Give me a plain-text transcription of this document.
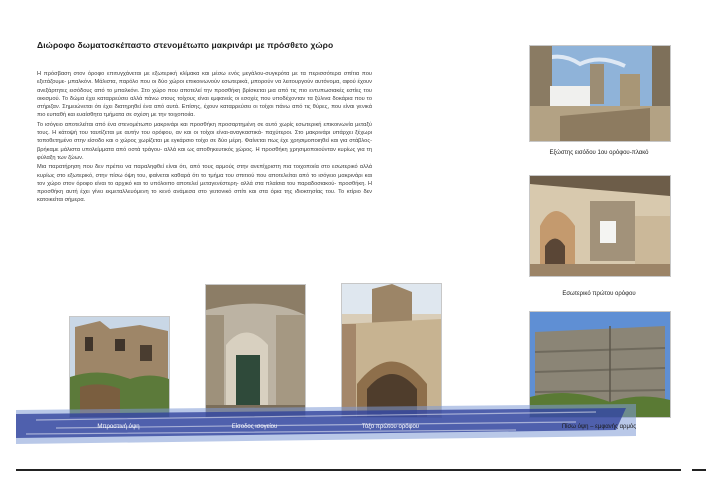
Διώροφο δωματοσκέπαστο στενομέτωπο μακρινάρι με πρόσθετο χώρο

Η πρόσβαση στον όροφο επιτυγχάνεται με εξωτερική κλίμακα και μέσω ενός μεγάλου-συγκρότα με τα περισσότερα σπίτια που εξετάζουμε- μπαλκόνι. Μάλιστα, παρόλο που οι δύο χώροι επικοινωνούν εσωτερικά, μπορούν να λειτουργούν αυτόνομα, αφού έχουν ανεξάρτητες εισόδους από το μπαλκόνι. Στο χώρο που αποτελεί την προσθήκη βρίσκεται μια από τις πιο εντυπωσιακές εστίες του οικισμού. Το δώμα έχει καταρρεύσει αλλά πάνω στους τοίχους είναι εμφανείς οι εσοχές που υποδέχονταν τα ξύλινα δοκάρια που το στήριζαν. Σημειώνεται ότι έχει διατηρηθεί ένα από αυτά. Επίσης, έχουν καταρρεύσει οι τοίχοι πάνω από τις θύρες, που είναι γενικά πιο ευπαθή και ευαίσθητα τμήματα σε σχέση με την τοιχοποιία.

Το ισόγειο αποτελείται από ένα στενομέτωπο μακρινάρι και προσθήκη προσαρτημένη σε αυτό χωρίς εσωτερική επικοινωνία μεταξύ τους. Η κάτοψή του ταυτίζεται με αυτήν του ορόφου, αν και οι τοίχοι είναι-αναγκαστικά- παχύτεροι. Στο μακρινάρι υπάρχει ξέχωρι τοποθετημένο στην είσοδο και ο χώρος χωρίζεται με εγκάρσιο τοίχο σε δύο μέρη. Φαίνεται πως έχε χρησιμοποιηθεί και για στάβλος-βρήκαμε μάλιστα υπολείμματα από οστά τράγου- αλλά και ως αποθηκευτικός χώρος. Η προσθήκη χρησιμοποιούνταν κυρίως για τη φύλαξη των ζώων.

Μια παρατήρηση που δεν πρέπει να παραληφθεί είναι ότι, από τους αρμούς στην ανεπίχριστη πια τοιχοποιία στο εσωτερικό αλλά κυρίως στο εξωτερικό, στην πίσω όψη του, φαίνεται καθαρά ότι το τμήμα του σπιτιού που αποτελείται από το ισόγειο μακρινάρι και τον χώρο στον όροφο είναι το αρχικό και το υπόλοιπο αποτελεί μεταγενέστερη- αλλά στα πλαίσια του παραδοσιακού- προσθήκη. Η προσθήκη αυτή έχει γίνει εκμεταλλευόμενη το κενό ανάμεσα στο γειτονικό σπίτι και στα όρια της ιδιοκτησίας του. Το κτίριο δεν κατοικείται σήμερα.

Εξώστης εισόδου 1ου ορόφου-πλακό
Εσωτερικό πρώτου ορόφου
Μπροστινή όψη	Είσοδος ισογείου	Τόξο πρώτου ορόφου	Πίσω όψη – εμφανής αρμός
